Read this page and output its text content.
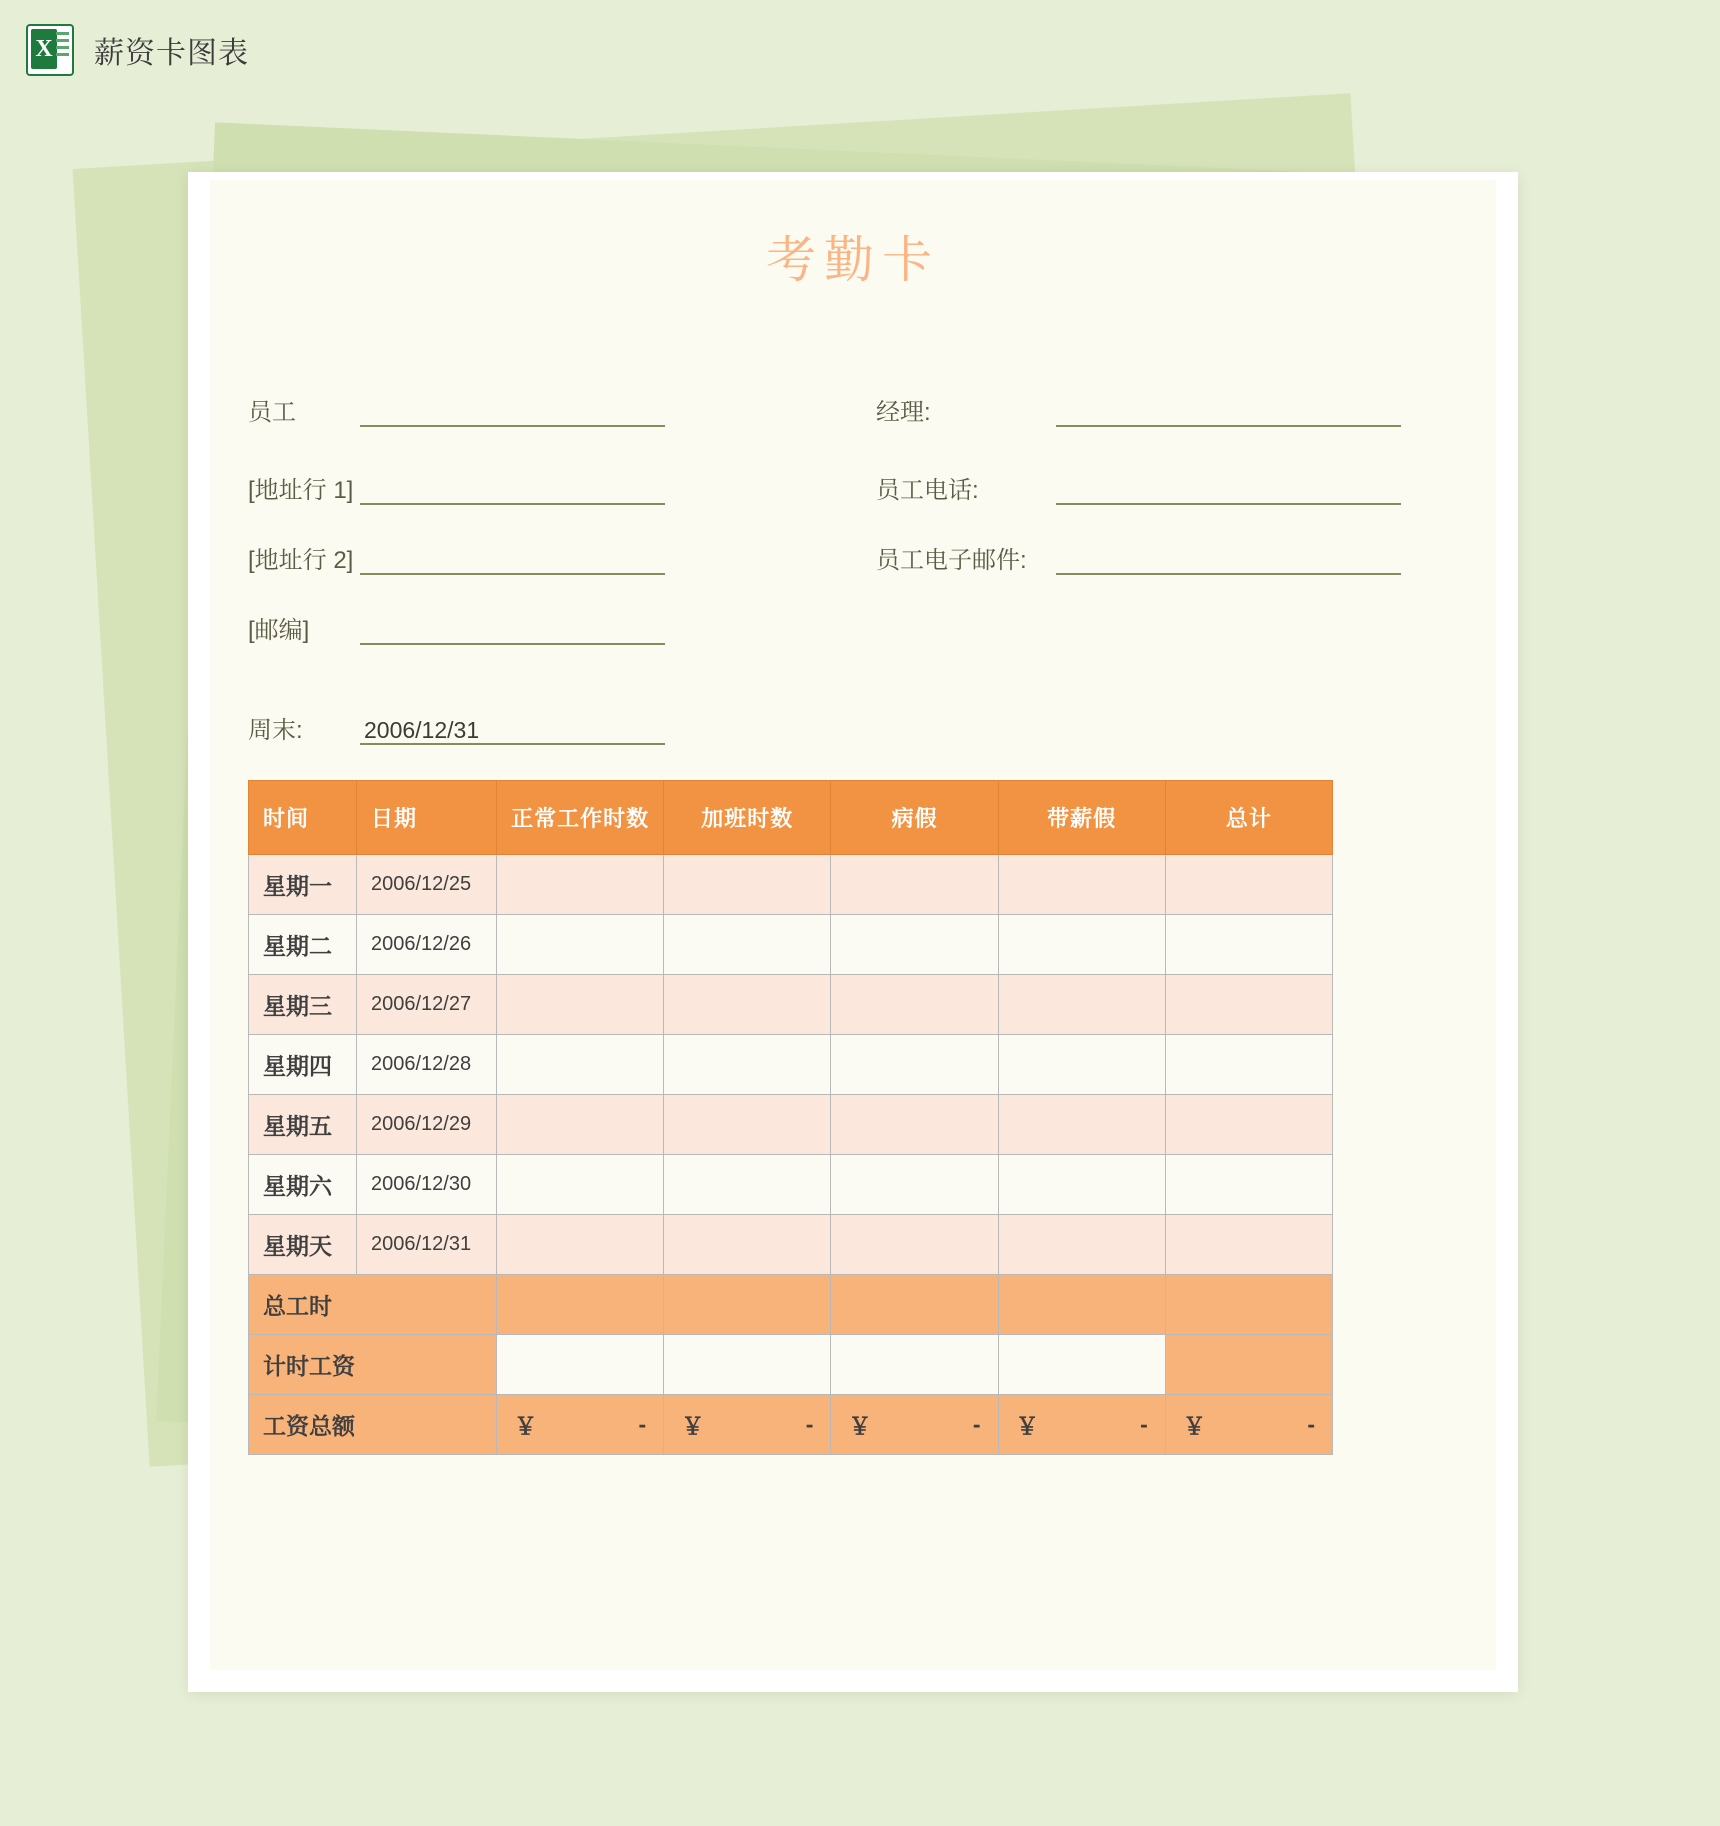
X
薪资卡图表
考勤卡
员工
[地址行 1]
[地址行 2]
[邮编]
周末:	2006/12/31
经理:
员工电话:
员工电子邮件:
时间	日期	正常工作时数	加班时数	病假	带薪假	总计
星期一	2006/12/25					
星期二	2006/12/26					
星期三	2006/12/27					
星期四	2006/12/28					
星期五	2006/12/29					
星期六	2006/12/30					
星期天	2006/12/31					
总工时						
计时工资						
工资总额		￥ -	￥ -	￥ -	￥ -	￥ -
